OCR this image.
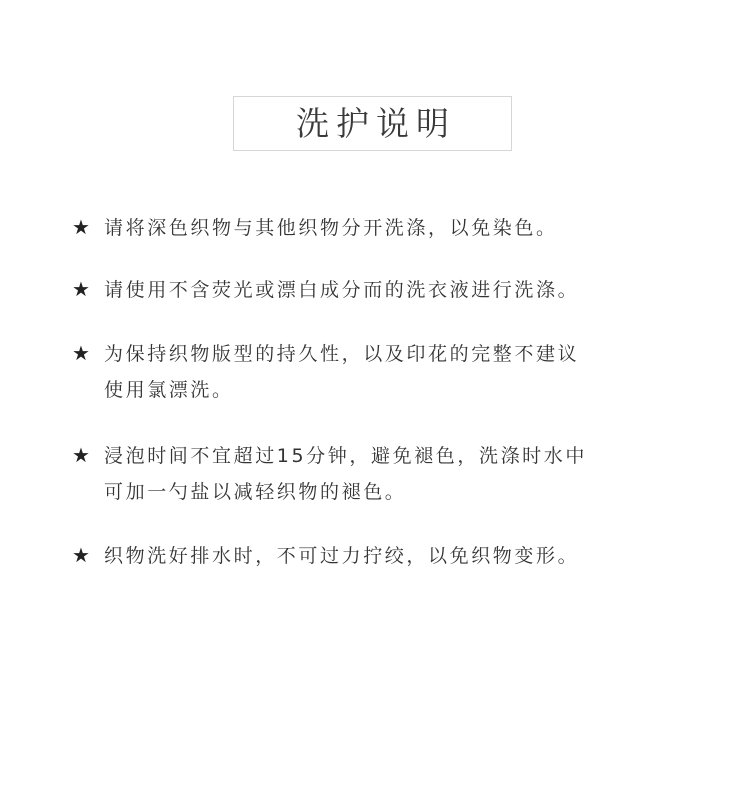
洗护说明
★ 请将深色织物与其他织物分开洗涤，以免染色。
★ 请使用不含荧光或漂白成分而的洗衣液进行洗涤。
★ 为保持织物版型的持久性，以及印花的完整不建议
使用氯漂洗。
★ 浸泡时间不宜超过15分钟，避免褪色，洗涤时水中
可加一勺盐以减轻织物的褪色。
★ 织物洗好排水时，不可过力拧绞，以免织物变形。
